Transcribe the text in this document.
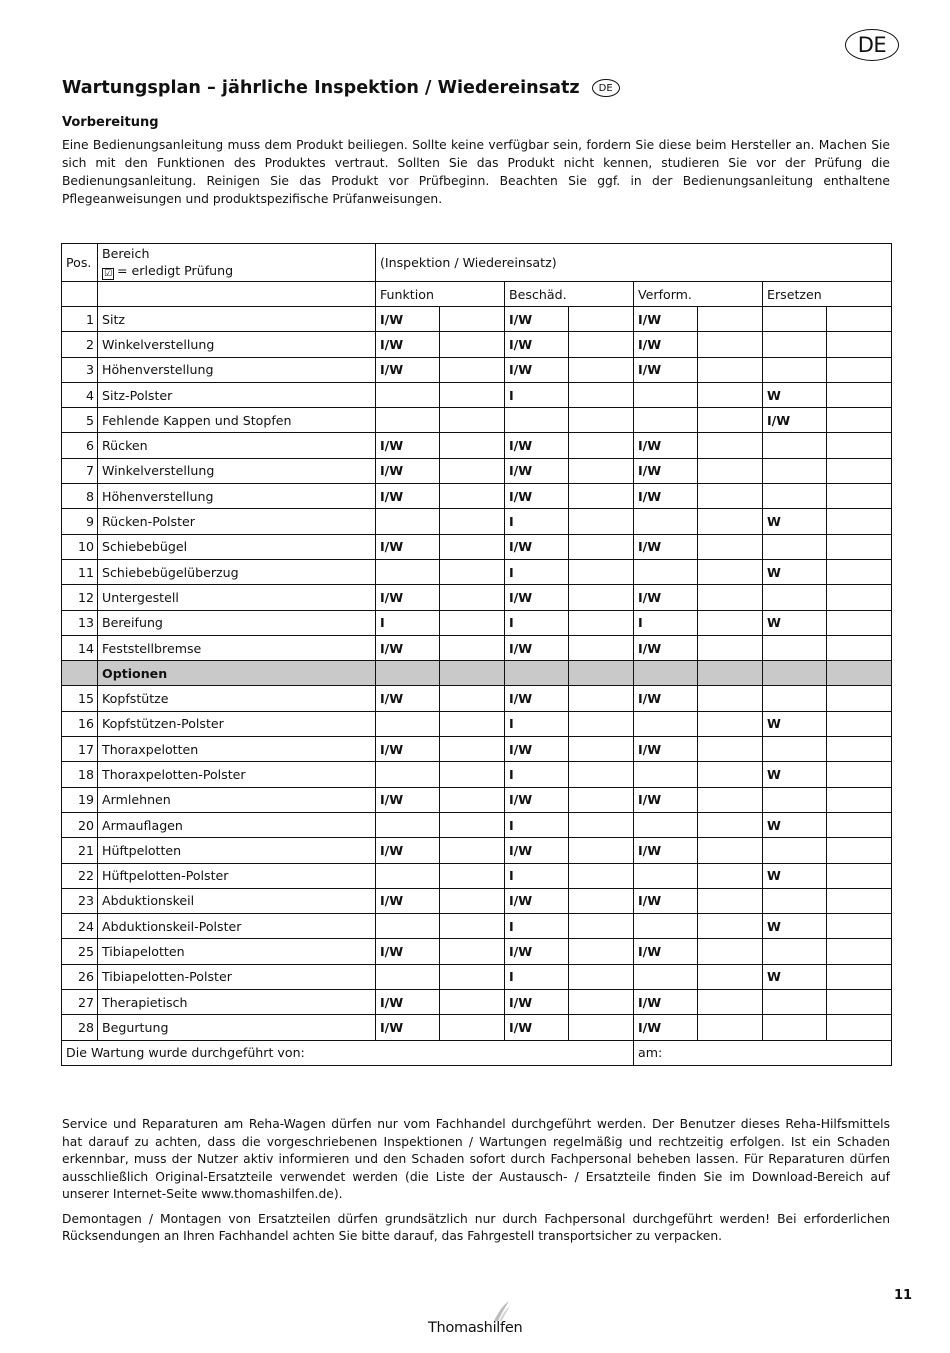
DE
Wartungsplan – jährliche Inspektion / Wiedereinsatz	DE
Vorbereitung

Eine Bedienungsanleitung muss dem Produkt beiliegen. Sollte keine verfügbar sein, fordern Sie diese beim Hersteller an. Machen Sie sich mit den Funktionen des Produktes vertraut. Sollten Sie das Produkt nicht kennen, studieren Sie vor der Prüfung die Bedienungsanleitung. Reinigen Sie das Produkt vor Prüfbeginn. Beachten Sie ggf. in der Bedienungsanleitung enthaltene Pflegeanweisungen und produktspezifische Prüfanweisungen.

Pos.	Bereich
☑ = erledigt Prüfung	(Inspektion / Wiedereinsatz)							
		Funktion		Beschäd.		Verform.		Ersetzen	
1	Sitz	I/W		I/W		I/W			
2	Winkelverstellung	I/W		I/W		I/W			
3	Höhenverstellung	I/W		I/W		I/W			
4	Sitz-Polster			I				W	
5	Fehlende Kappen und Stopfen							I/W	
6	Rücken	I/W		I/W		I/W			
7	Winkelverstellung	I/W		I/W		I/W			
8	Höhenverstellung	I/W		I/W		I/W			
9	Rücken-Polster			I				W	
10	Schiebebügel	I/W		I/W		I/W			
11	Schiebebügelüberzug			I				W	
12	Untergestell	I/W		I/W		I/W			
13	Bereifung	I		I		I		W	
14	Feststellbremse	I/W		I/W		I/W			
	Optionen								
15	Kopfstütze	I/W		I/W		I/W			
16	Kopfstützen-Polster			I				W	
17	Thoraxpelotten	I/W		I/W		I/W			
18	Thoraxpelotten-Polster			I				W	
19	Armlehnen	I/W		I/W		I/W			
20	Armauflagen			I				W	
21	Hüftpelotten	I/W		I/W		I/W			
22	Hüftpelotten-Polster			I				W	
23	Abduktionskeil	I/W		I/W		I/W			
24	Abduktionskeil-Polster			I				W	
25	Tibiapelotten	I/W		I/W		I/W			
26	Tibiapelotten-Polster			I				W	
27	Therapietisch	I/W		I/W		I/W			
28	Begurtung	I/W		I/W		I/W			
Die Wartung wurde durchgeführt von:						am:			

Service und Reparaturen am Reha-Wagen dürfen nur vom Fachhandel durchgeführt werden. Der Benutzer dieses Reha-Hilfsmittels hat darauf zu achten, dass die vorgeschriebenen Inspektionen / Wartungen regelmäßig und rechtzeitig erfolgen. Ist ein Schaden erkennbar, muss der Nutzer aktiv informieren und den Schaden sofort durch Fachpersonal beheben lassen. Für Reparaturen dürfen ausschließlich Original-Ersatzteile verwendet werden (die Liste der Austausch- / Ersatzteile finden Sie im Download-Bereich auf unserer Internet-Seite www.thomashilfen.de).

Demontagen / Montagen von Ersatzteilen dürfen grundsätzlich nur durch Fachpersonal durchgeführt werden! Bei erforderlichen Rücksendungen an Ihren Fachhandel achten Sie bitte darauf, das Fahrgestell transportsicher zu verpacken.

11
Thomashilfen
